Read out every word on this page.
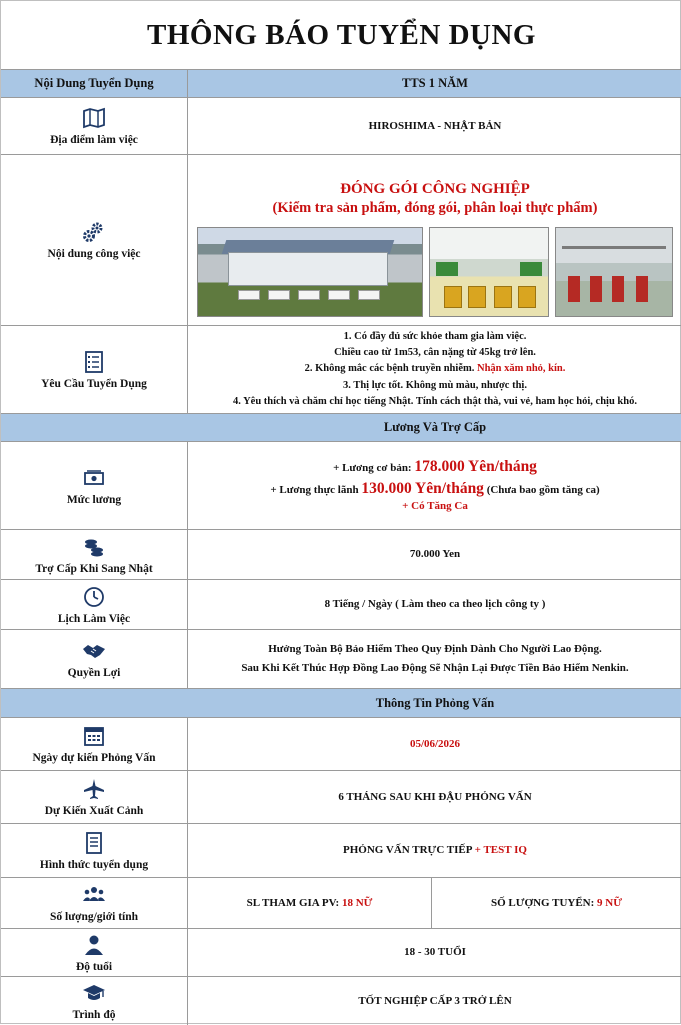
THÔNG BÁO TUYỂN DỤNG
Nội Dung Tuyển Dụng	TTS 1 NĂM
Địa điểm làm việc
HIROSHIMA - NHẬT BẢN
Nội dung công việc
ĐÓNG GÓI CÔNG NGHIỆP
(Kiểm tra sản phẩm, đóng gói, phân loại thực phẩm)
Yêu Cầu Tuyển Dụng
1. Có đầy đủ sức khỏe tham gia làm việc.
Chiều cao từ 1m53, cân nặng từ 45kg trở lên.
2. Không mắc các bệnh truyền nhiễm. Nhận xăm nhỏ, kín.
3. Thị lực tốt. Không mù màu, nhược thị.
4. Yêu thích và chăm chỉ học tiếng Nhật. Tính cách thật thà, vui vẻ, ham học hỏi, chịu khó.
Lương Và Trợ Cấp
Mức lương
+ Lương cơ bản: 178.000 Yên/tháng
+ Lương thực lãnh 130.000 Yên/tháng (Chưa bao gồm tăng ca)
+ Có Tăng Ca
Trợ Cấp Khi Sang Nhật
70.000 Yen
Lịch Làm Việc
8 Tiếng / Ngày ( Làm theo ca theo lịch công ty )
Quyền Lợi
Hưởng Toàn Bộ Bảo Hiểm Theo Quy Định Dành Cho Người Lao Động.
Sau Khi Kết Thúc Hợp Đồng Lao Động Sẽ Nhận Lại Được Tiền Bảo Hiểm Nenkin.
Thông Tin Phỏng Vấn
Ngày dự kiến Phỏng Vấn
05/06/2026
Dự Kiến Xuất Cảnh
6 THÁNG SAU KHI ĐẬU PHỎNG VẤN
Hình thức tuyển dụng
PHỎNG VẤN TRỰC TIẾP + TEST IQ
Số lượng/giới tính
SL THAM GIA PV:
18 NỮ	SỐ LƯỢNG TUYỂN:
9 NỮ
Độ tuổi
18 - 30 TUỔI
Trình độ
TỐT NGHIỆP CẤP 3 TRỞ LÊN
